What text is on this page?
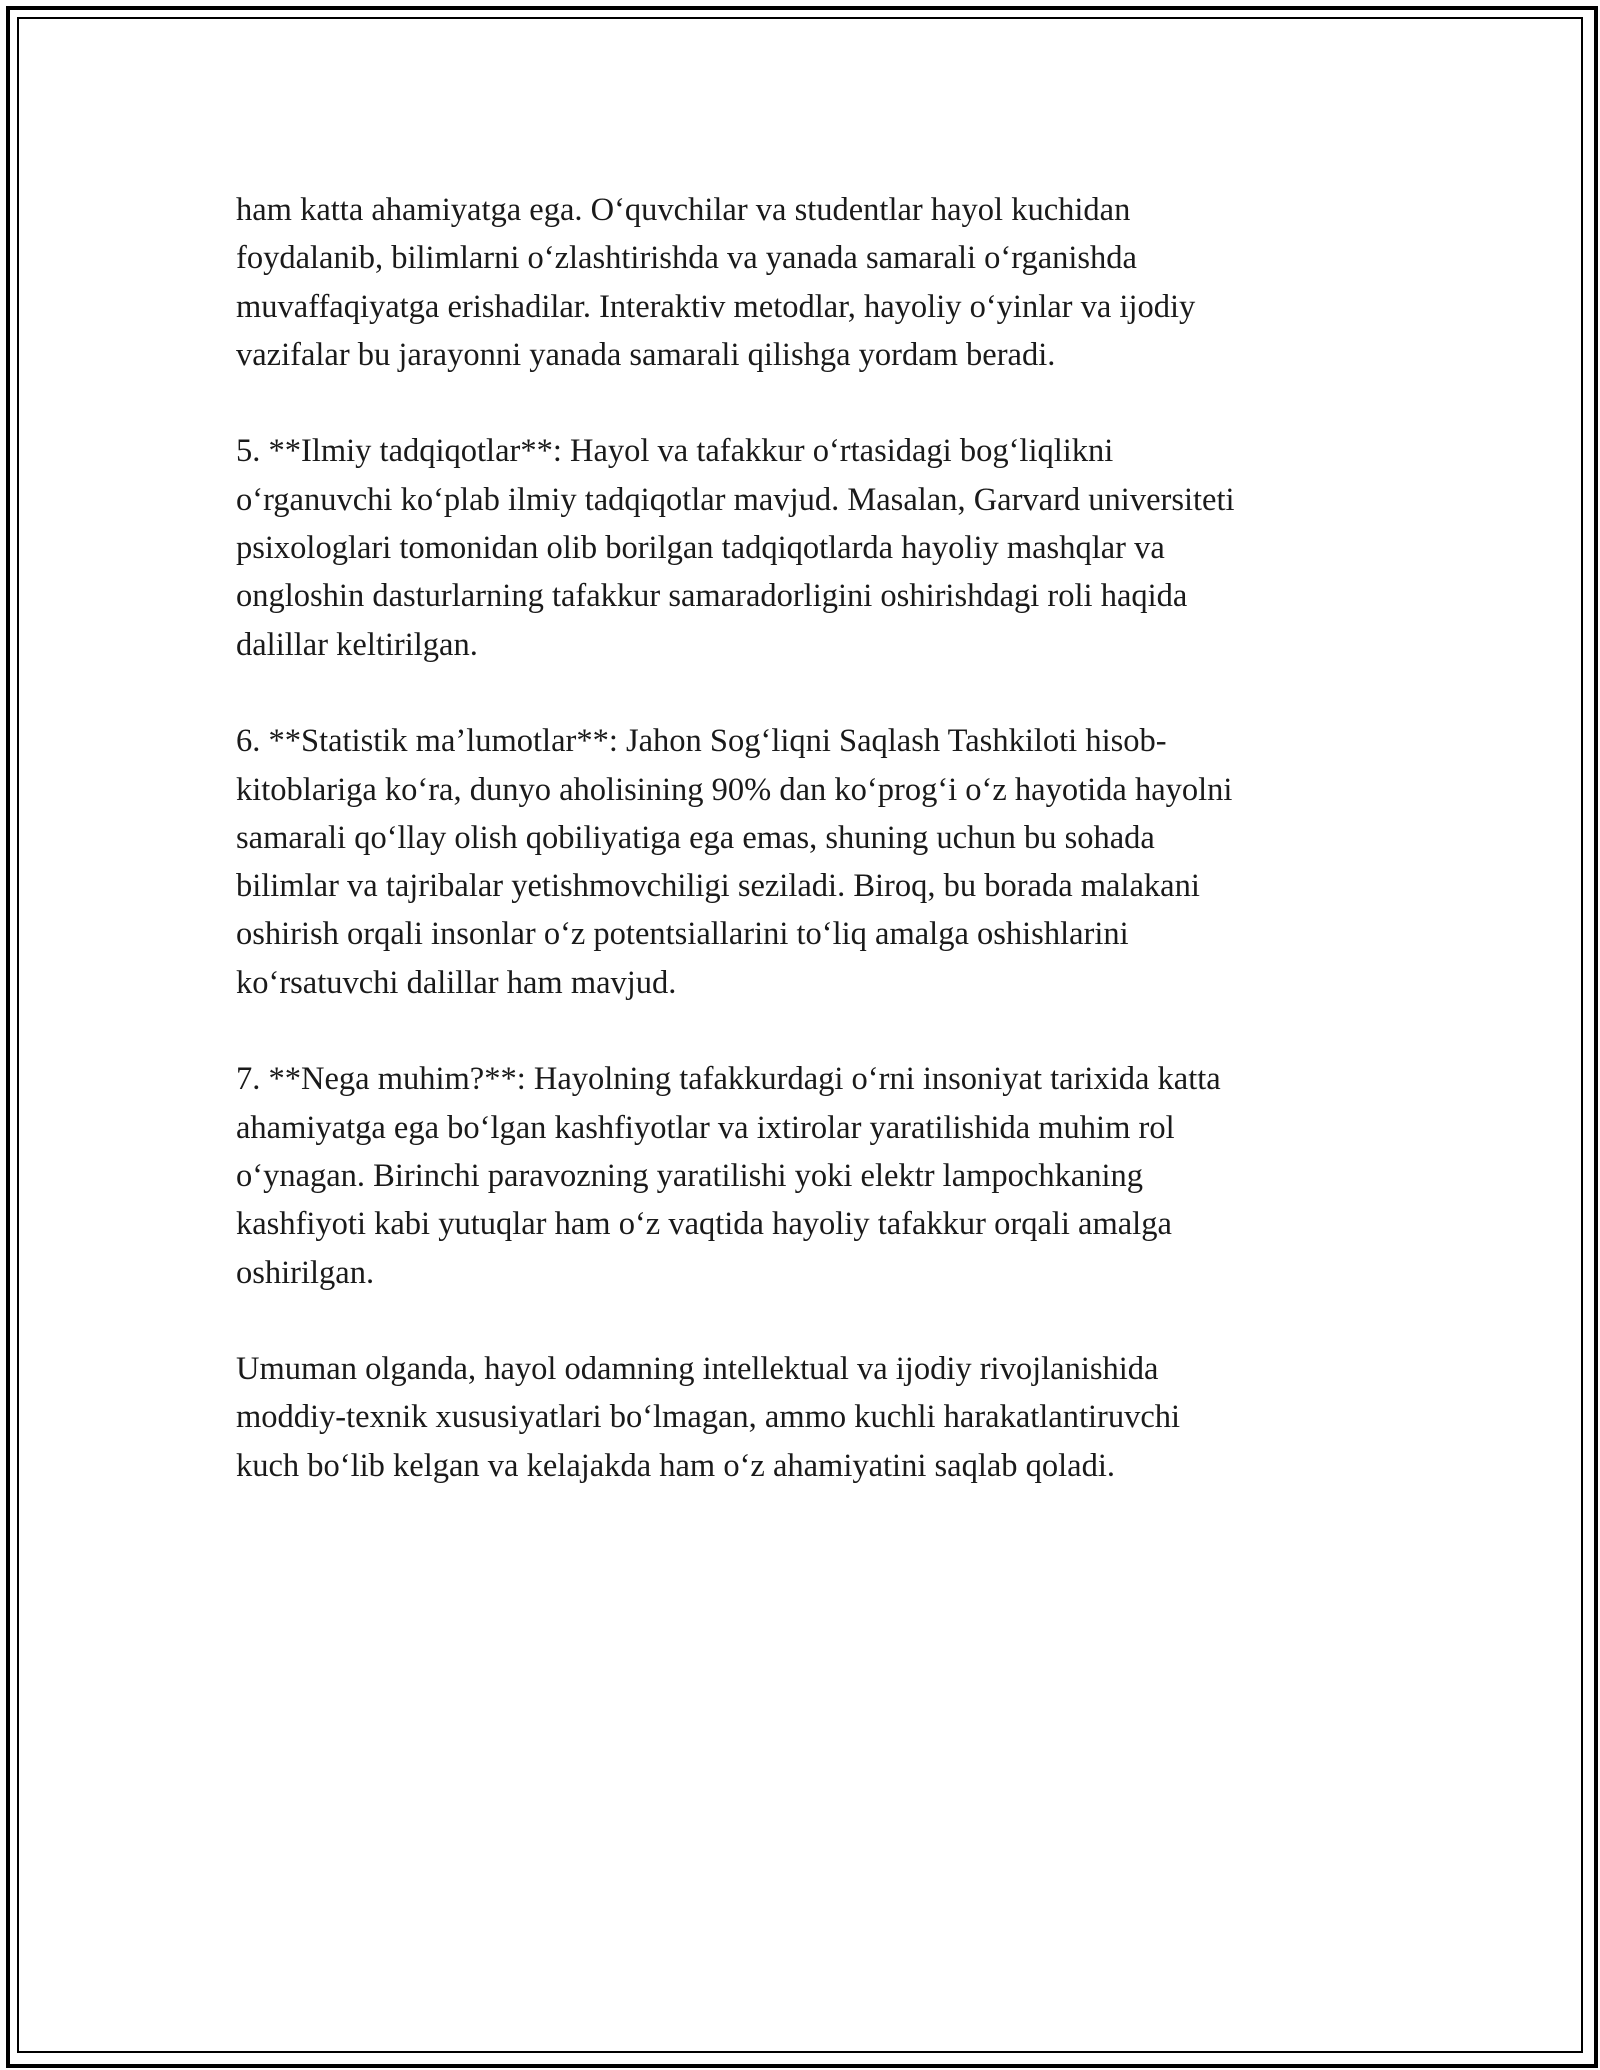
ham katta ahamiyatga ega. O‘quvchilar va studentlar hayol kuchidan
foydalanib, bilimlarni o‘zlashtirishda va yanada samarali o‘rganishda
muvaffaqiyatga erishadilar. Interaktiv metodlar, hayoliy o‘yinlar va ijodiy
vazifalar bu jarayonni yanada samarali qilishga yordam beradi.

5. **Ilmiy tadqiqotlar**: Hayol va tafakkur o‘rtasidagi bog‘liqlikni
o‘rganuvchi ko‘plab ilmiy tadqiqotlar mavjud. Masalan, Garvard universiteti
psixologlari tomonidan olib borilgan tadqiqotlarda hayoliy mashqlar va
ongloshin dasturlarning tafakkur samaradorligini oshirishdagi roli haqida
dalillar keltirilgan.

6. **Statistik ma’lumotlar**: Jahon Sog‘liqni Saqlash Tashkiloti hisob-
kitoblariga ko‘ra, dunyo aholisining 90% dan ko‘prog‘i o‘z hayotida hayolni
samarali qo‘llay olish qobiliyatiga ega emas, shuning uchun bu sohada
bilimlar va tajribalar yetishmovchiligi seziladi. Biroq, bu borada malakani
oshirish orqali insonlar o‘z potentsiallarini to‘liq amalga oshishlarini
ko‘rsatuvchi dalillar ham mavjud.

7. **Nega muhim?**: Hayolning tafakkurdagi o‘rni insoniyat tarixida katta
ahamiyatga ega bo‘lgan kashfiyotlar va ixtirolar yaratilishida muhim rol
o‘ynagan. Birinchi paravozning yaratilishi yoki elektr lampochkaning
kashfiyoti kabi yutuqlar ham o‘z vaqtida hayoliy tafakkur orqali amalga
oshirilgan.

Umuman olganda, hayol odamning intellektual va ijodiy rivojlanishida
moddiy-texnik xususiyatlari bo‘lmagan, ammo kuchli harakatlantiruvchi
kuch bo‘lib kelgan va kelajakda ham o‘z ahamiyatini saqlab qoladi.
